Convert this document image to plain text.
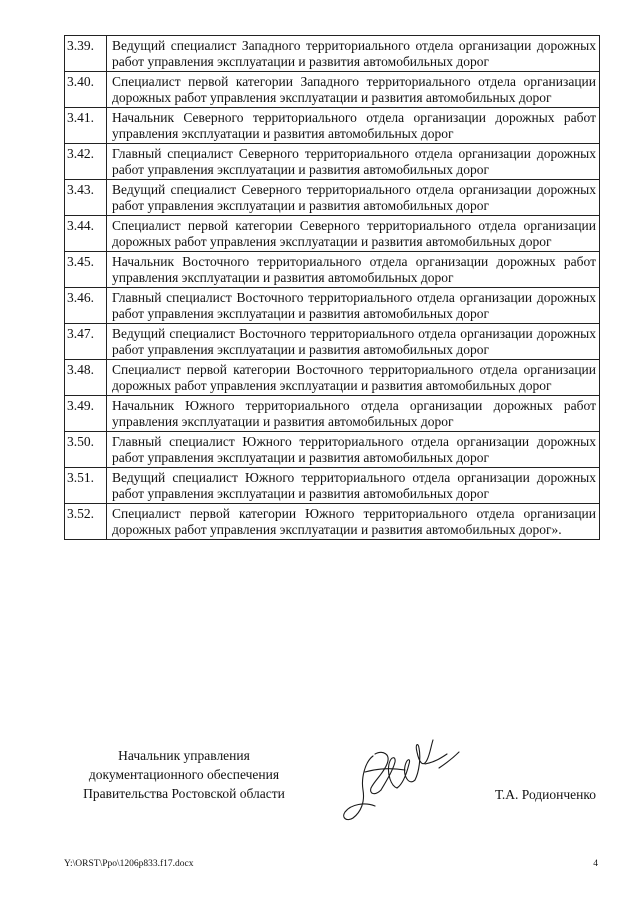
3.39.	Ведущий специалист Западного территориального отдела организации дорожных работ управления эксплуатации и развития автомобильных дорог
3.40.	Специалист первой категории Западного территориального отдела организации дорожных работ управления эксплуатации и развития автомобильных дорог
3.41.	Начальник Северного территориального отдела организации дорожных работ управления эксплуатации и развития автомобильных дорог
3.42.	Главный специалист Северного территориального отдела организации дорожных работ управления эксплуатации и развития автомобильных дорог
3.43.	Ведущий специалист Северного территориального отдела организации дорожных работ управления эксплуатации и развития автомобильных дорог
3.44.	Специалист первой категории Северного территориального отдела организации дорожных работ управления эксплуатации и развития автомобильных дорог
3.45.	Начальник Восточного территориального отдела организации дорожных работ управления эксплуатации и развития автомобильных дорог
3.46.	Главный специалист Восточного территориального отдела организации дорожных работ управления эксплуатации и развития автомобильных дорог
3.47.	Ведущий специалист Восточного территориального отдела организации дорожных работ управления эксплуатации и развития автомобильных дорог
3.48.	Специалист первой категории Восточного территориального отдела организации дорожных работ управления эксплуатации и развития автомобильных дорог
3.49.	Начальник Южного территориального отдела организации дорожных работ управления эксплуатации и развития автомобильных дорог
3.50.	Главный специалист Южного территориального отдела организации дорожных работ управления эксплуатации и развития автомобильных дорог
3.51.	Ведущий специалист Южного территориального отдела организации дорожных работ управления эксплуатации и развития автомобильных дорог
3.52.	Специалист первой категории Южного территориального отдела организации дорожных работ управления эксплуатации и развития автомобильных дорог».
Начальник управления
документационного обеспечения
Правительства Ростовской области	Т.А. Родионченко
Y:\ORST\Ppo\1206p833.f17.docx	4
